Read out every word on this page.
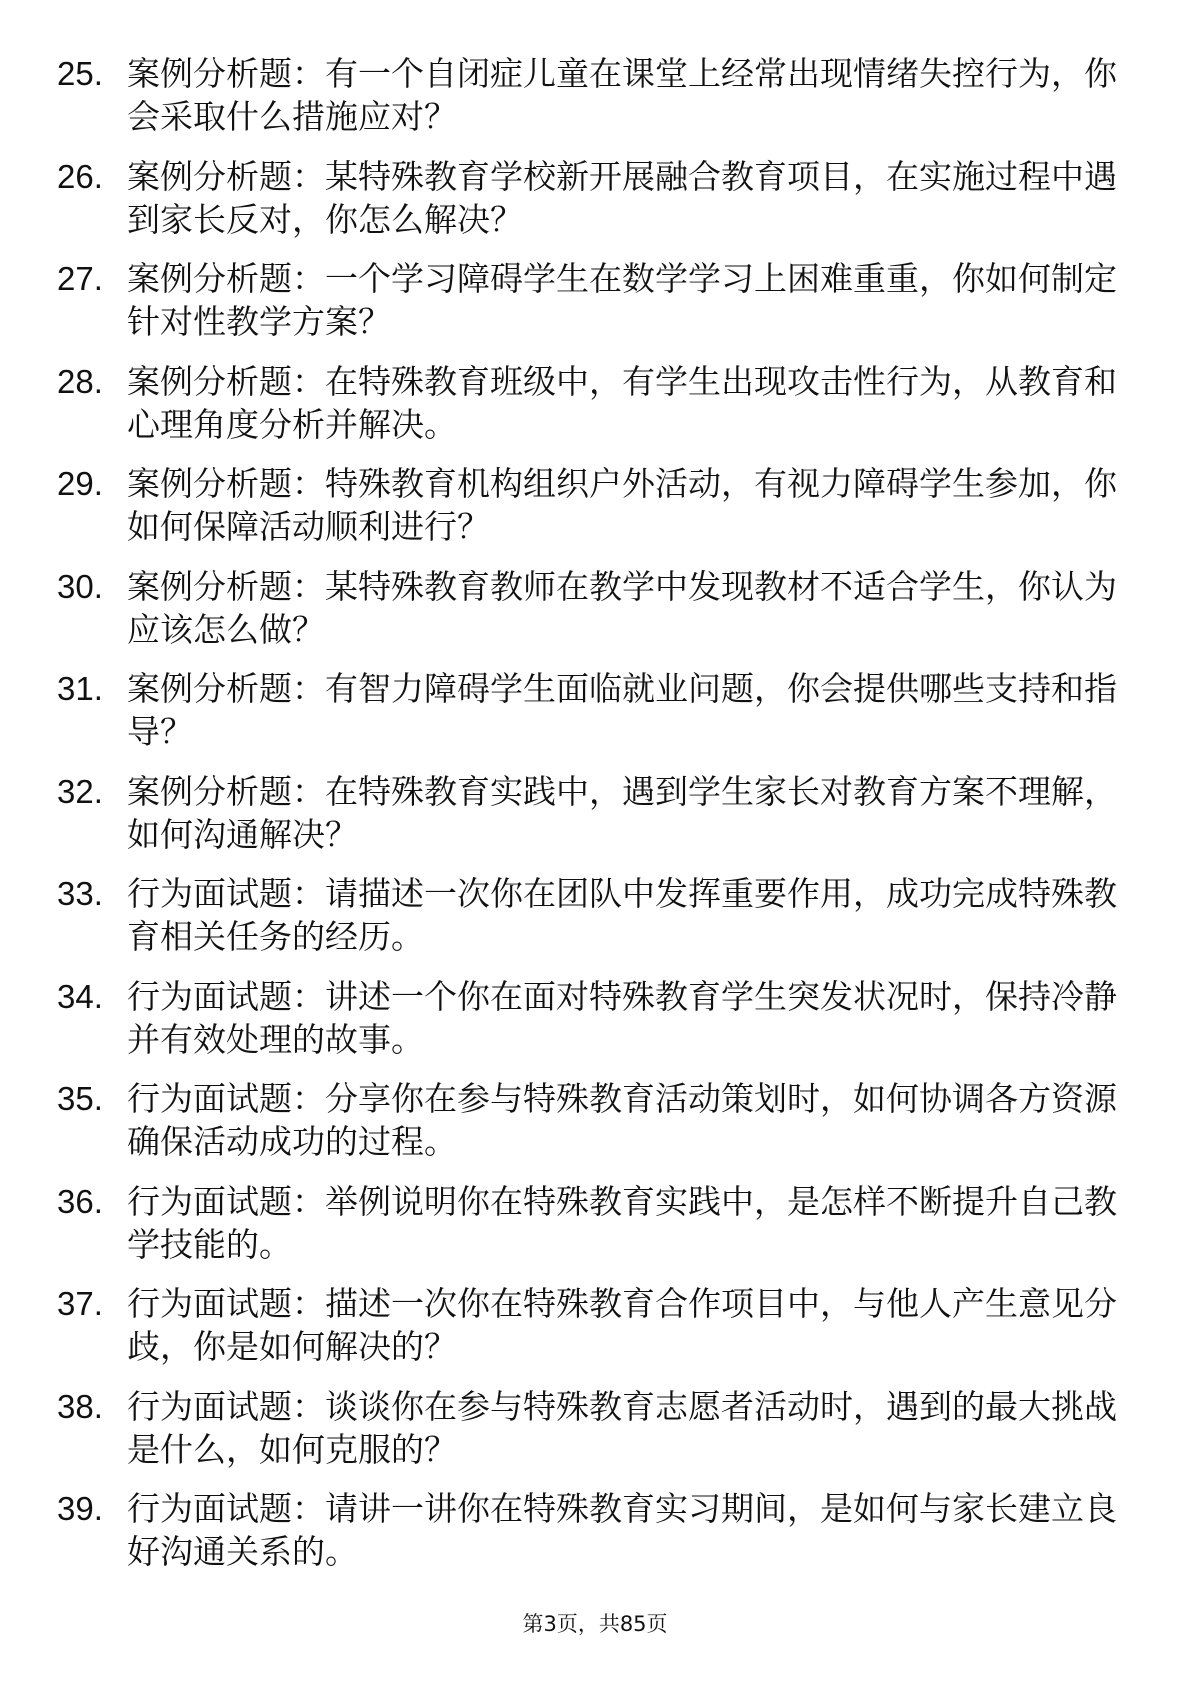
25. 案例分析题：有一个自闭症儿童在课堂上经常出现情绪失控行为，你会采取什么措施应对？
26. 案例分析题：某特殊教育学校新开展融合教育项目，在实施过程中遇到家长反对，你怎么解决？
27. 案例分析题：一个学习障碍学生在数学学习上困难重重，你如何制定针对性教学方案？
28. 案例分析题：在特殊教育班级中，有学生出现攻击性行为，从教育和心理角度分析并解决。
29. 案例分析题：特殊教育机构组织户外活动，有视力障碍学生参加，你如何保障活动顺利进行？
30. 案例分析题：某特殊教育教师在教学中发现教材不适合学生，你认为应该怎么做？
31. 案例分析题：有智力障碍学生面临就业问题，你会提供哪些支持和指导？
32. 案例分析题：在特殊教育实践中，遇到学生家长对教育方案不理解，如何沟通解决？
33. 行为面试题：请描述一次你在团队中发挥重要作用，成功完成特殊教育相关任务的经历。
34. 行为面试题：讲述一个你在面对特殊教育学生突发状况时，保持冷静并有效处理的故事。
35. 行为面试题：分享你在参与特殊教育活动策划时，如何协调各方资源确保活动成功的过程。
36. 行为面试题：举例说明你在特殊教育实践中，是怎样不断提升自己教学技能的。
37. 行为面试题：描述一次你在特殊教育合作项目中，与他人产生意见分歧，你是如何解决的？
38. 行为面试题：谈谈你在参与特殊教育志愿者活动时，遇到的最大挑战是什么，如何克服的？
39. 行为面试题：请讲一讲你在特殊教育实习期间，是如何与家长建立良好沟通关系的。
第3页，共85页
